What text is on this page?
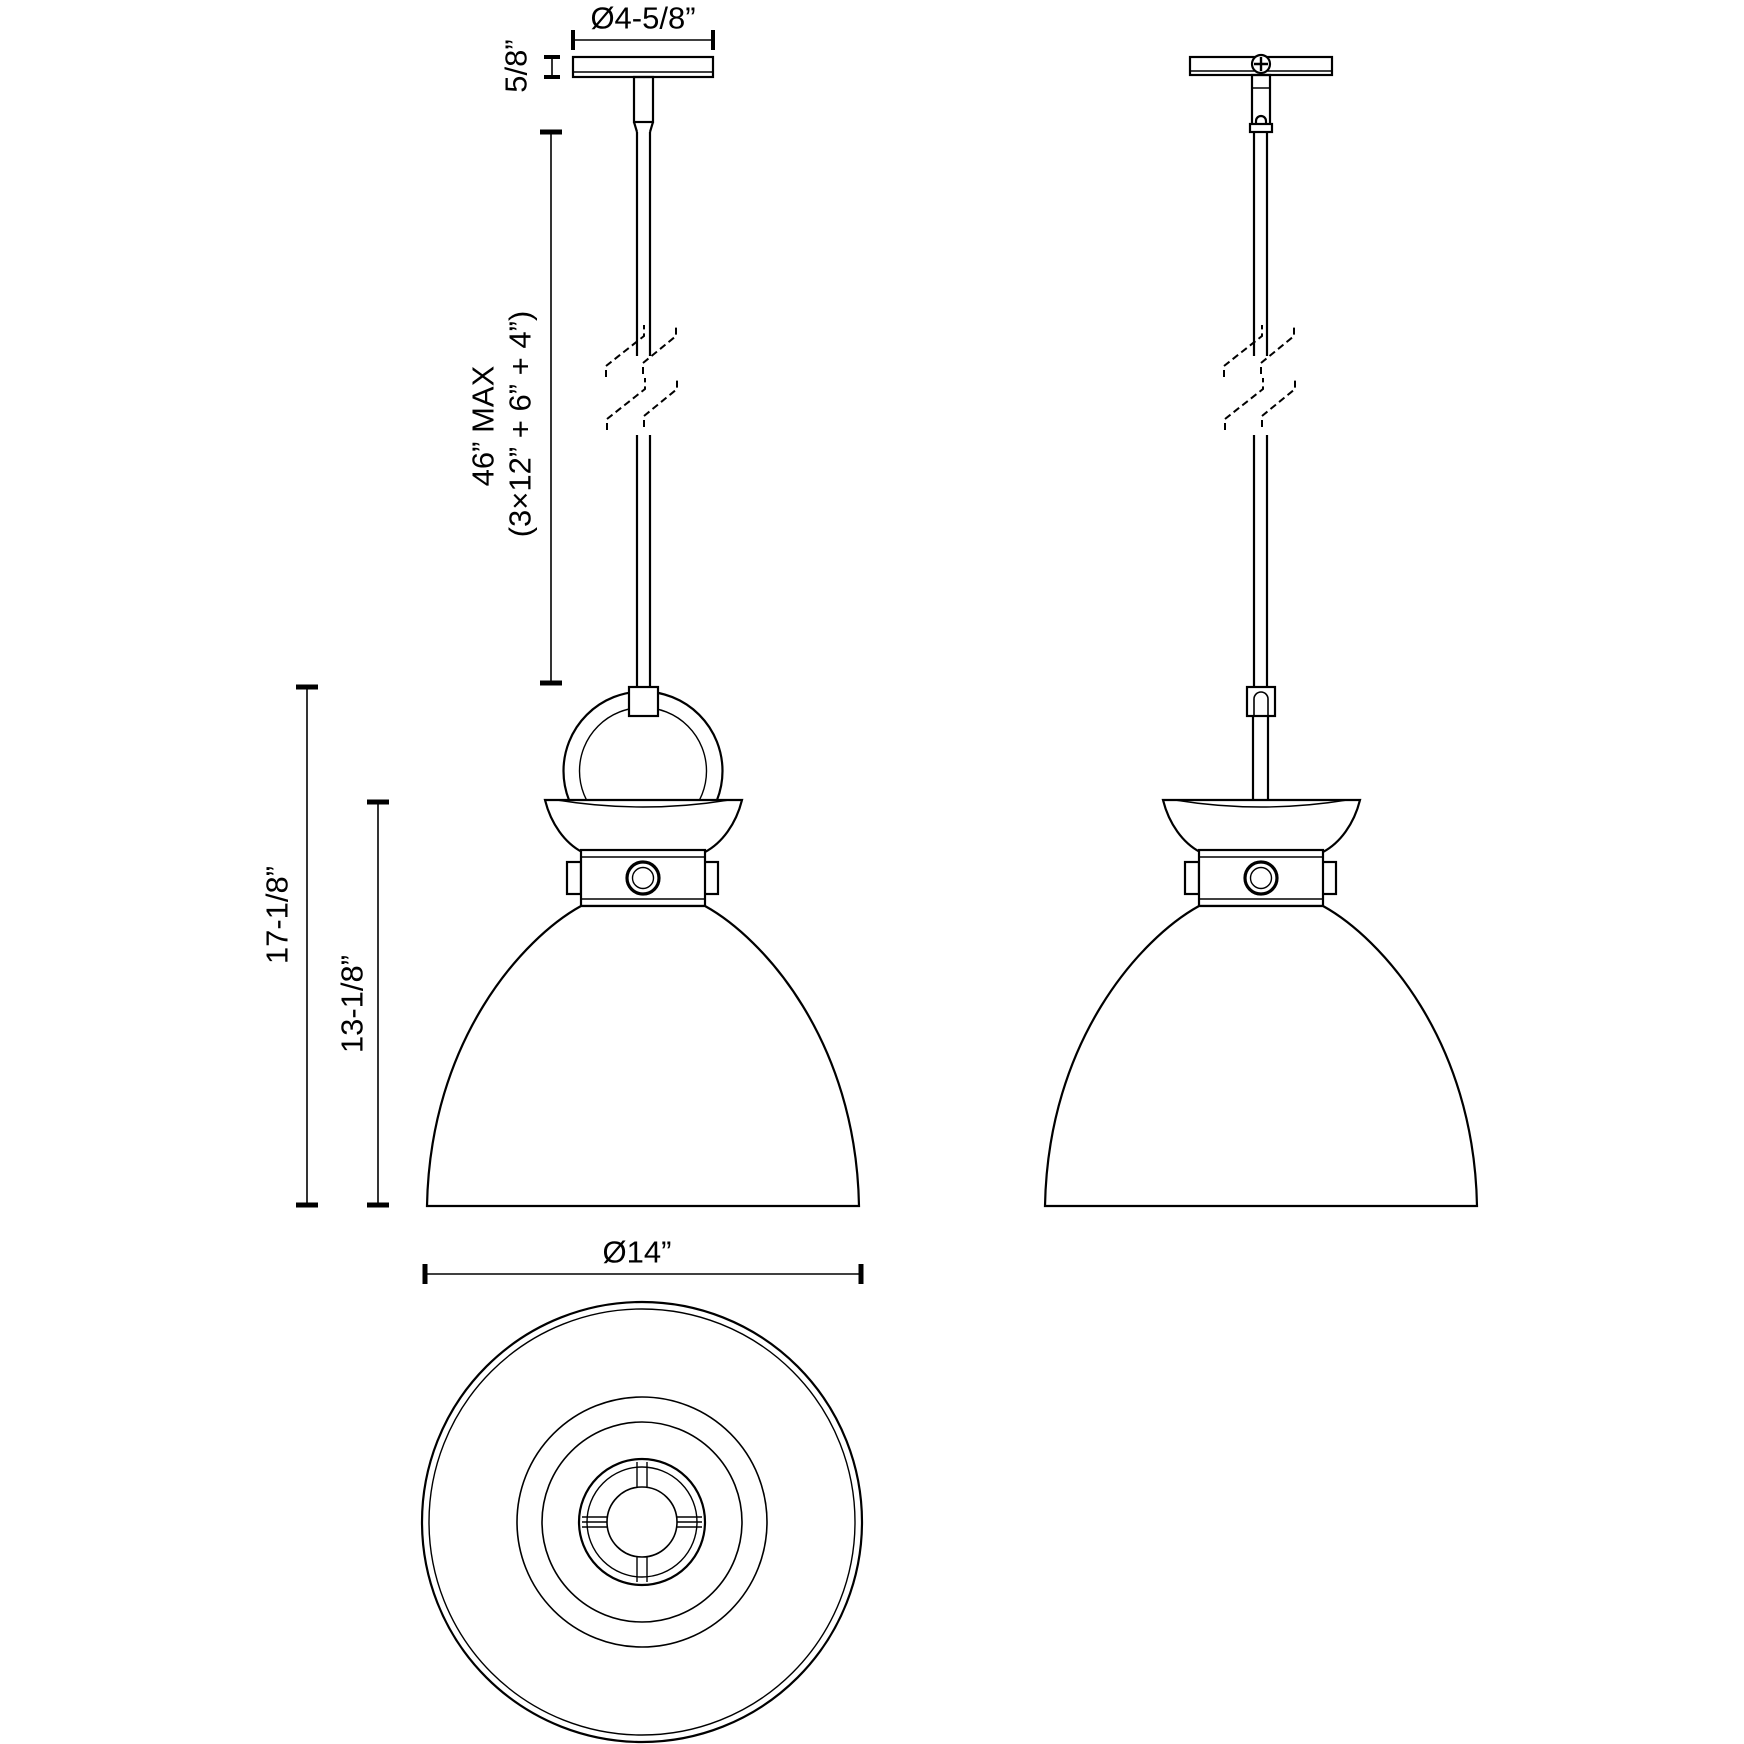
Ø4-5/8”
5/8”
46” MAX (3×12” + 6” + 4”)
17-1/8”
13-1/8”
Ø14”
